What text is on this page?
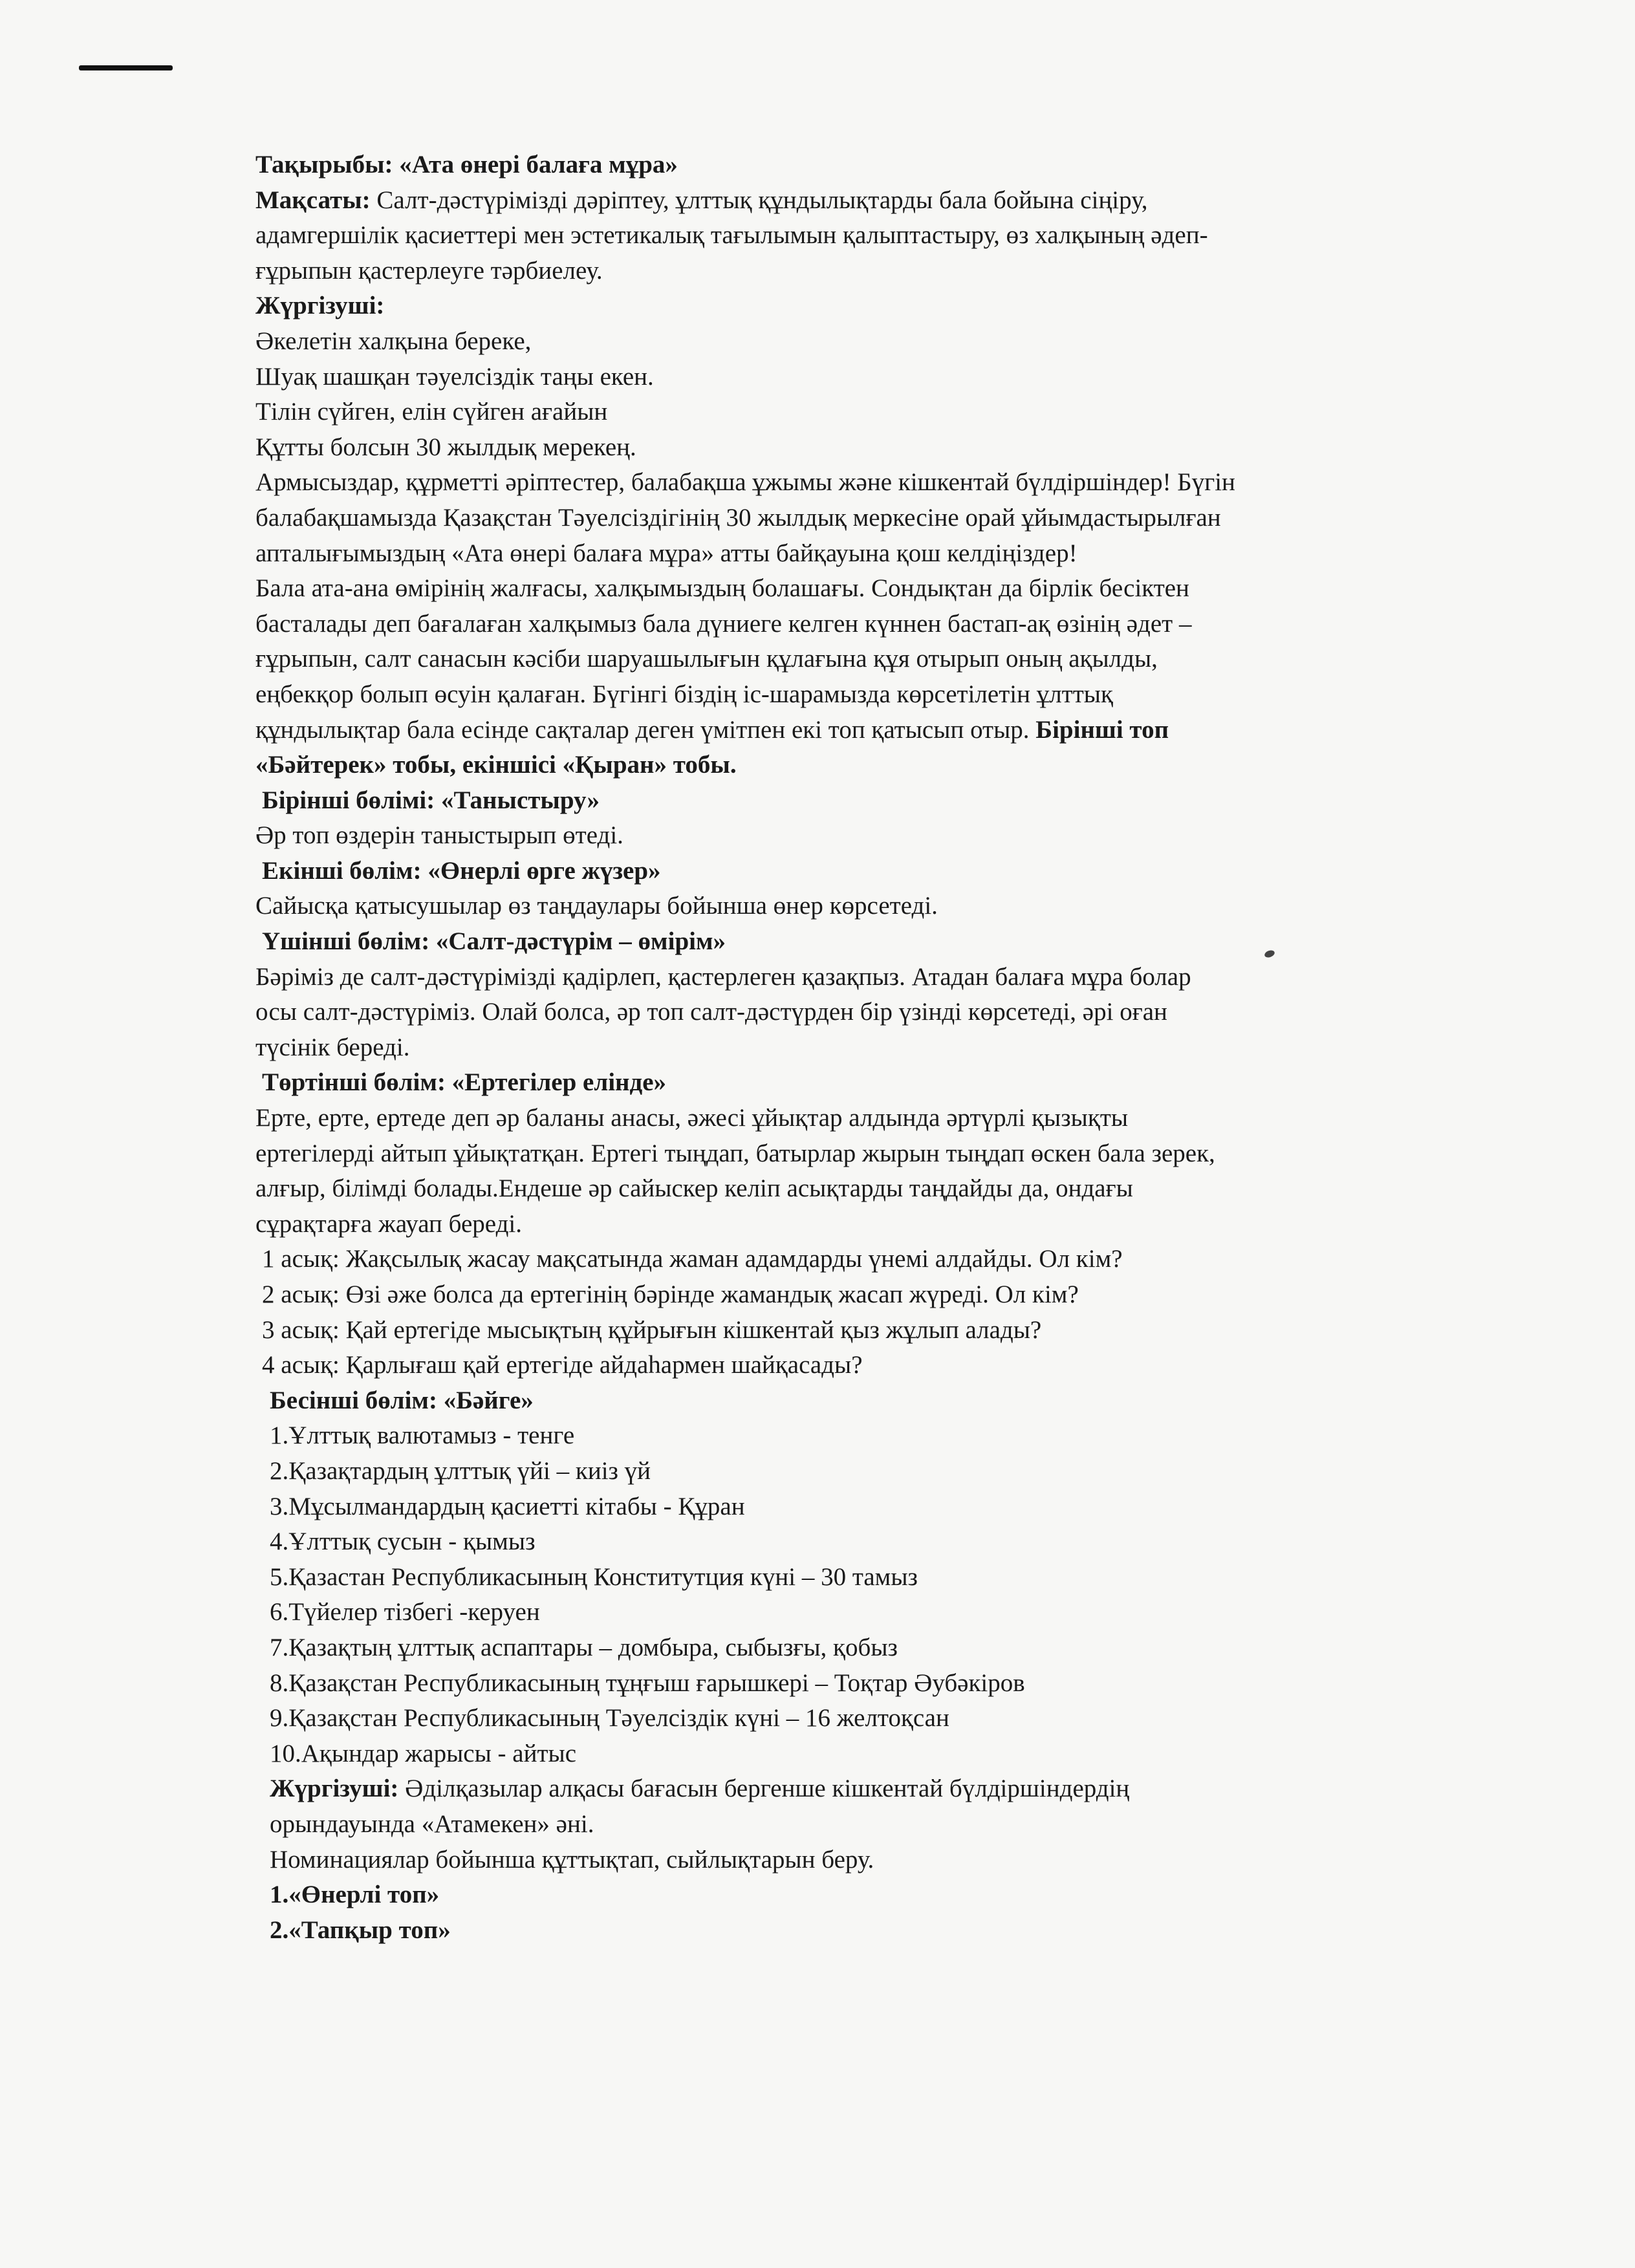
Тақырыбы: «Ата өнері балаға мұра»
Мақсаты: Салт-дәстүрімізді дәріптеу, ұлттық құндылықтарды бала бойына сіңіру,
адамгершілік қасиеттері мен эстетикалық тағылымын қалыптастыру, өз халқының әдеп-
ғұрыпын қастерлеуге тәрбиелеу.
Жүргізуші:
Әкелетін халқына береке,
Шуақ шашқан тәуелсіздік таңы екен.
Тілін сүйген, елін сүйген ағайын
Құтты болсын 30 жылдық мерекең.
Армысыздар, құрметті әріптестер, балабақша ұжымы және кішкентай бүлдіршіндер! Бүгін
балабақшамызда Қазақстан Тәуелсіздігінің 30 жылдық меркесіне орай ұйымдастырылған
апталығымыздың «Ата өнері балаға мұра» атты байқауына қош келдіңіздер!
Бала ата-ана өмірінің жалғасы, халқымыздың болашағы. Сондықтан да бірлік бесіктен
басталады деп бағалаған халқымыз бала дүниеге келген күннен бастап-ақ өзінің әдет –
ғұрыпын, салт санасын кәсіби шаруашылығын құлағына құя отырып оның ақылды,
еңбекқор болып өсуін қалаған. Бүгінгі біздің іс-шарамызда көрсетілетін ұлттық
құндылықтар бала есінде сақталар деген үмітпен екі топ қатысып отыр. Бірінші топ
«Бәйтерек» тобы, екіншісі «Қыран» тобы.
Бірінші бөлімі: «Таныстыру»
Әр топ өздерін таныстырып өтеді.
Екінші бөлім: «Өнерлі өрге жүзер»
Сайысқа қатысушылар өз таңдаулары бойынша өнер көрсетеді.
Үшінші бөлім: «Салт-дәстүрім – өмірім»
Бәріміз де салт-дәстүрімізді қадірлеп, қастерлеген қазақпыз. Атадан балаға мұра болар
осы салт-дәстүріміз. Олай болса, әр топ салт-дәстүрден бір үзінді көрсетеді, әрі оған
түсінік береді.
Төртінші бөлім: «Ертегілер елінде»
Ерте, ерте, ертеде деп әр баланы анасы, әжесі ұйықтар алдында әртүрлі қызықты
ертегілерді айтып ұйықтатқан. Ертегі тыңдап, батырлар жырын тыңдап өскен бала зерек,
алғыр, білімді болады.Ендеше әр сайыскер келіп асықтарды таңдайды да, ондағы
сұрақтарға жауап береді.
1 асық: Жақсылық жасау мақсатында жаман адамдарды үнемі алдайды. Ол кім?
2 асық: Өзі әже болса да ертегінің бәрінде жамандық жасап жүреді. Ол кім?
3 асық: Қай ертегіде мысықтың құйрығын кішкентай қыз жұлып алады?
4 асық: Қарлығаш қай ертегіде айдаһармен шайқасады?
Бесінші бөлім: «Бәйге»
1.Ұлттық валютамыз - тенге
2.Қазақтардың ұлттық үйі – киіз үй
3.Мұсылмандардың қасиетті кітабы - Құран
4.Ұлттық сусын - қымыз
5.Қазастан Республикасының Конститутция күні – 30 тамыз
6.Түйелер тізбегі -керуен
7.Қазақтың ұлттық аспаптары – домбыра, сыбызғы, қобыз
8.Қазақстан Республикасының тұңғыш ғарышкері – Тоқтар Әубәкіров
9.Қазақстан Республикасының Тәуелсіздік күні – 16 желтоқсан
10.Ақындар жарысы - айтыс
Жүргізуші: Әділқазылар алқасы бағасын бергенше кішкентай бүлдіршіндердің
орындауында «Атамекен» әні.
Номинациялар бойынша құттықтап, сыйлықтарын беру.
1.«Өнерлі топ»
2.«Тапқыр топ»
